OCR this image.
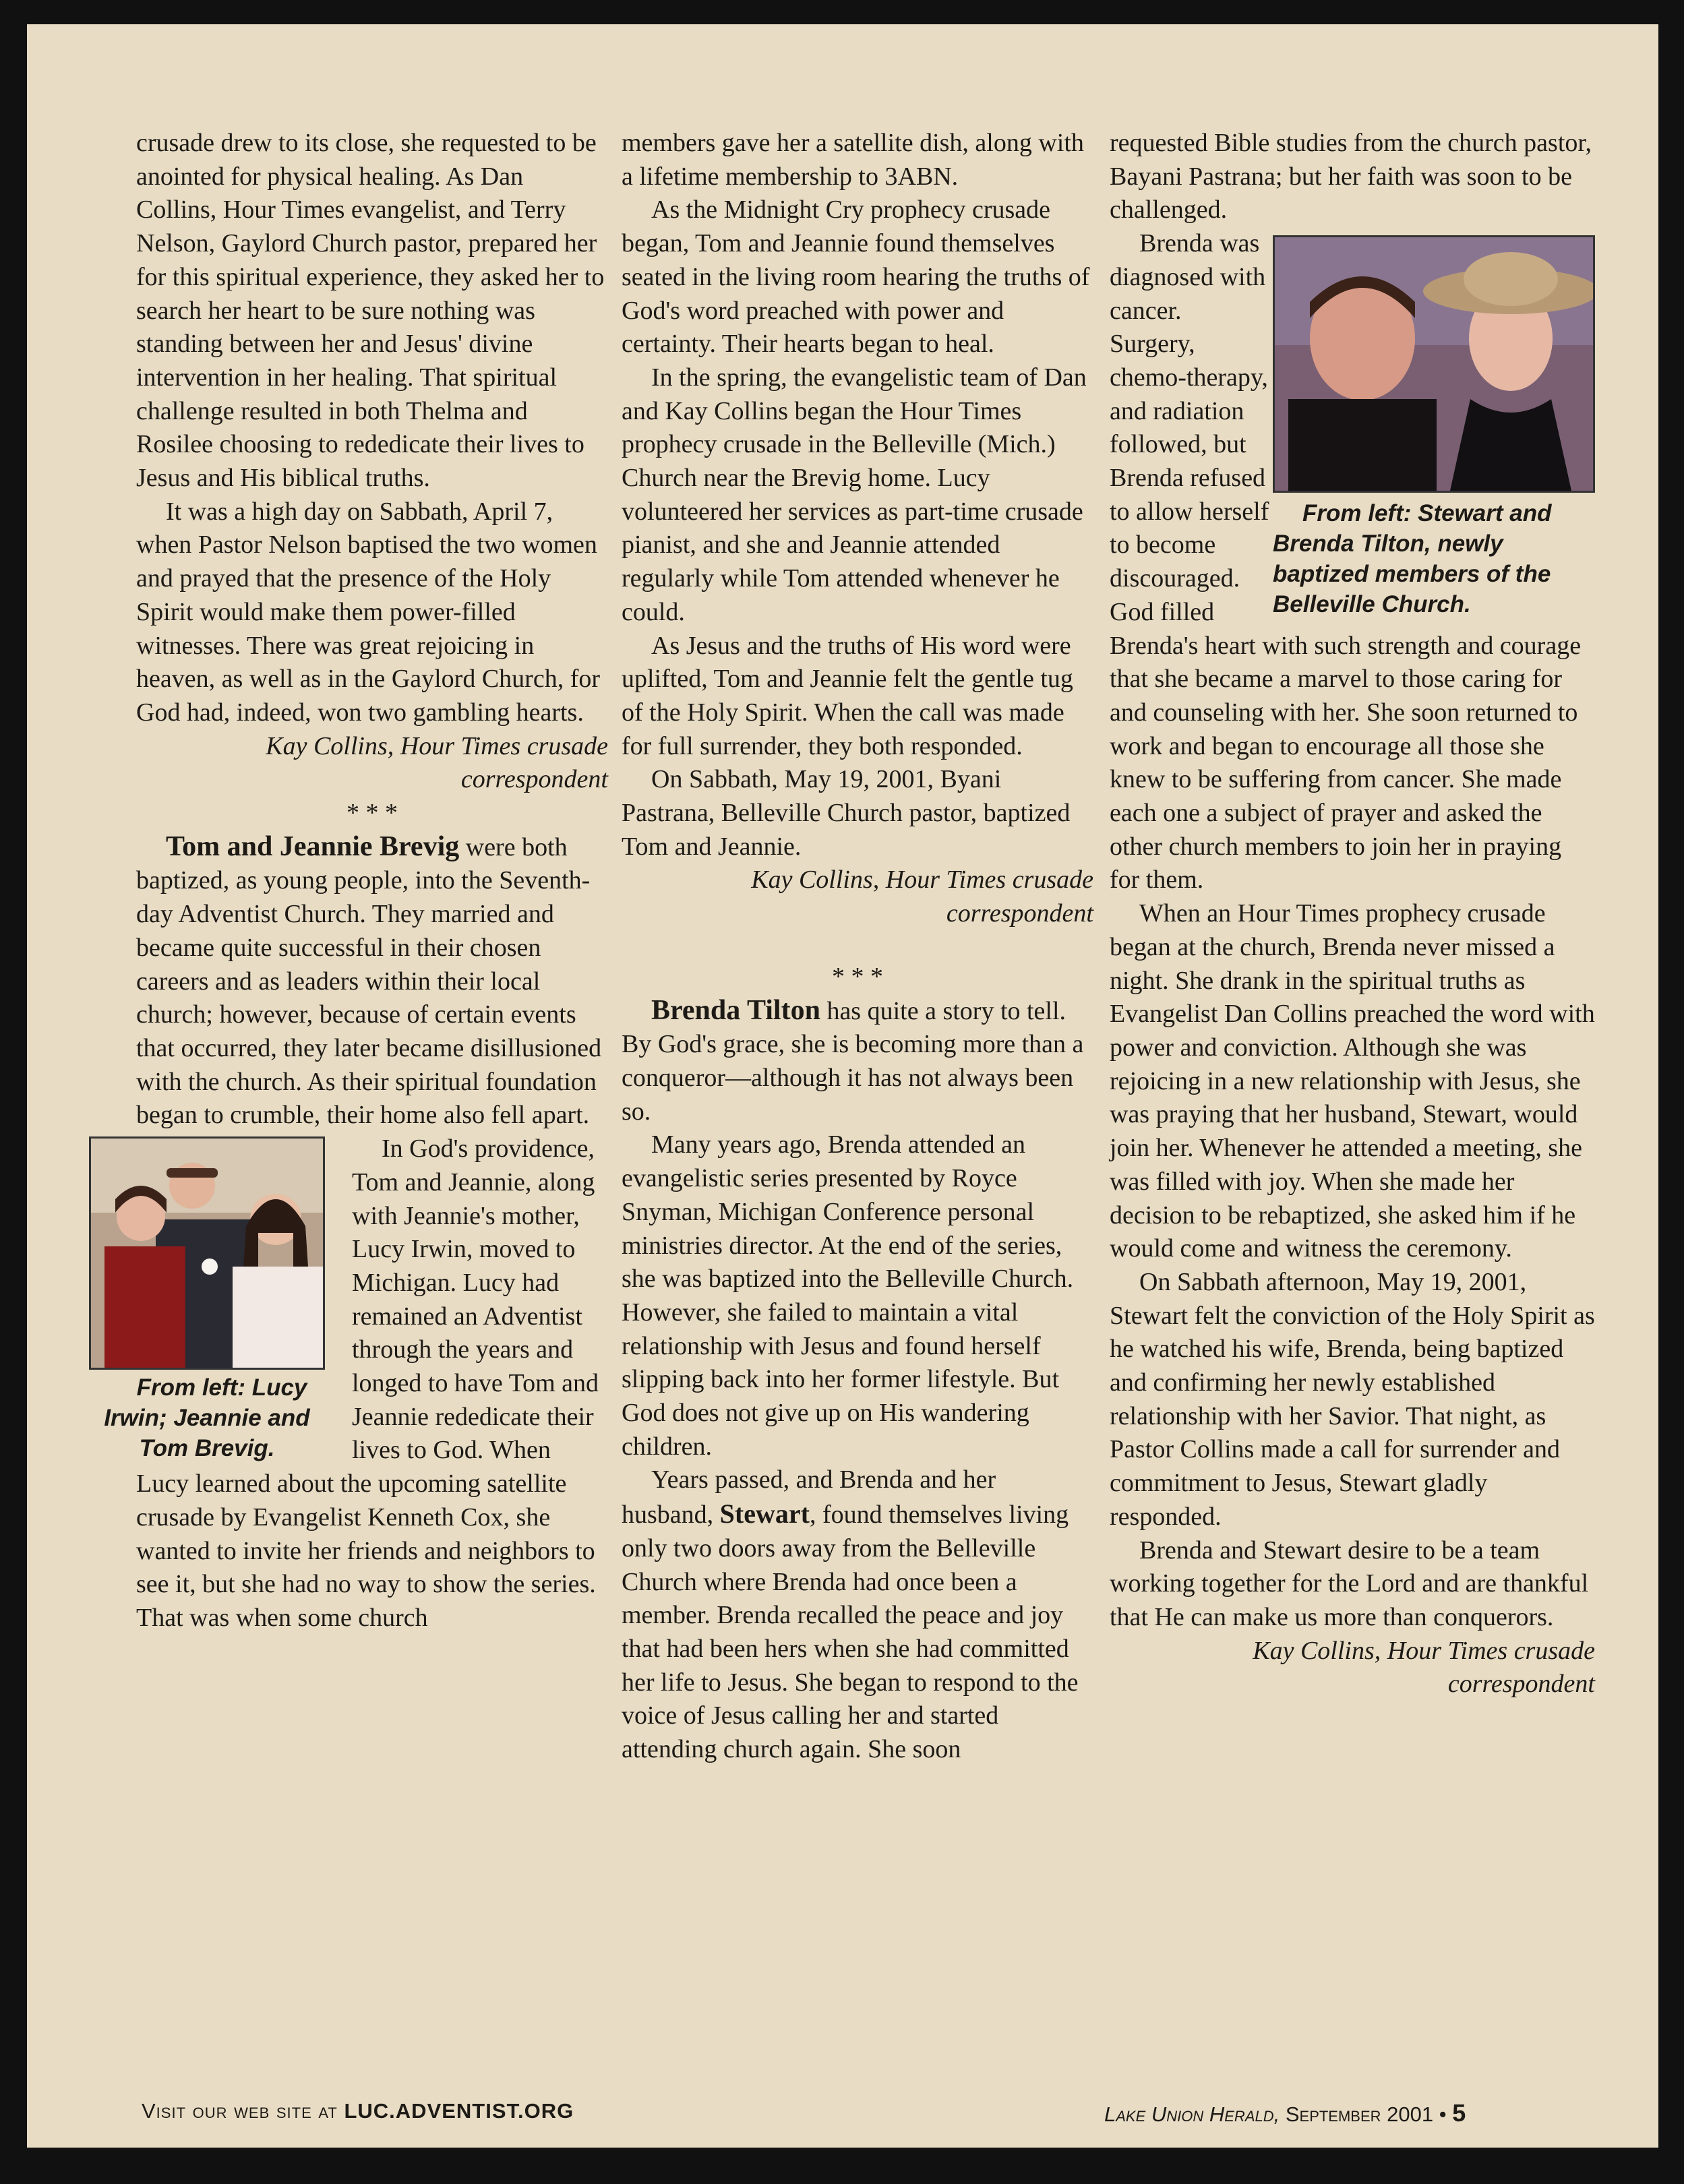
crusade drew to its close, she requested to be anointed for physical healing. As Dan Collins, Hour Times evangelist, and Terry Nelson, Gaylord Church pastor, prepared her for this spiritual experience, they asked her to search her heart to be sure nothing was standing between her and Jesus' divine intervention in her healing. That spiritual challenge resulted in both Thelma and Rosilee choosing to rededicate their lives to Jesus and His biblical truths.

It was a high day on Sabbath, April 7, when Pastor Nelson baptised the two women and prayed that the presence of the Holy Spirit would make them power-filled witnesses. There was great rejoicing in heaven, as well as in the Gaylord Church, for God had, indeed, won two gambling hearts.

Kay Collins, Hour Times crusade correspondent

* * *

Tom and Jeannie Brevig were both baptized, as young people, into the Seventh-day Adventist Church. They married and became quite successful in their chosen careers and as leaders within their local church; however, because of certain events that occurred, they later became disillusioned with the church. As their spiritual foundation began to crumble, their home also fell apart.

From left: Lucy Irwin; Jeannie and Tom Brevig.
In God's providence, Tom and Jeannie, along with Jeannie's mother, Lucy Irwin, moved to Michigan. Lucy had remained an Adventist through the years and longed to have Tom and Jeannie rededicate their lives to God. When Lucy learned about the upcoming satellite crusade by Evangelist Kenneth Cox, she wanted to invite her friends and neighbors to see it, but she had no way to show the series. That was when some church

members gave her a satellite dish, along with a lifetime membership to 3ABN.

As the Midnight Cry prophecy crusade began, Tom and Jeannie found themselves seated in the living room hearing the truths of God's word preached with power and certainty. Their hearts began to heal.

In the spring, the evangelistic team of Dan and Kay Collins began the Hour Times prophecy crusade in the Belleville (Mich.) Church near the Brevig home. Lucy volunteered her services as part-time crusade pianist, and she and Jeannie attended regularly while Tom attended whenever he could.

As Jesus and the truths of His word were uplifted, Tom and Jeannie felt the gentle tug of the Holy Spirit. When the call was made for full surrender, they both responded.

On Sabbath, May 19, 2001, Byani Pastrana, Belleville Church pastor, baptized Tom and Jeannie.

Kay Collins, Hour Times crusade correspondent

* * *

Brenda Tilton has quite a story to tell. By God's grace, she is becoming more than a conqueror—although it has not always been so.

Many years ago, Brenda attended an evangelistic series presented by Royce Snyman, Michigan Conference personal ministries director. At the end of the series, she was baptized into the Belleville Church. However, she failed to maintain a vital relationship with Jesus and found herself slipping back into her former lifestyle. But God does not give up on His wandering children.

Years passed, and Brenda and her husband, Stewart, found themselves living only two doors away from the Belleville Church where Brenda had once been a member. Brenda recalled the peace and joy that had been hers when she had committed her life to Jesus. She began to respond to the voice of Jesus calling her and started attending church again. She soon

requested Bible studies from the church pastor, Bayani Pastrana; but her faith was soon to be challenged.

From left: Stewart and Brenda Tilton, newly baptized members of the Belleville Church.
Brenda was diagnosed with cancer. Surgery, chemo-therapy, and radiation followed, but Brenda refused to allow herself to become discouraged. God filled Brenda's heart with such strength and courage that she became a marvel to those caring for and counseling with her. She soon returned to work and began to encourage all those she knew to be suffering from cancer. She made each one a subject of prayer and asked the other church members to join her in praying for them.

When an Hour Times prophecy crusade began at the church, Brenda never missed a night. She drank in the spiritual truths as Evangelist Dan Collins preached the word with power and conviction. Although she was rejoicing in a new relationship with Jesus, she was praying that her husband, Stewart, would join her. Whenever he attended a meeting, she was filled with joy. When she made her decision to be rebaptized, she asked him if he would come and witness the ceremony.

On Sabbath afternoon, May 19, 2001, Stewart felt the conviction of the Holy Spirit as he watched his wife, Brenda, being baptized and confirming her newly established relationship with her Savior. That night, as Pastor Collins made a call for surrender and commitment to Jesus, Stewart gladly responded.

Brenda and Stewart desire to be a team working together for the Lord and are thankful that He can make us more than conquerors.

Kay Collins, Hour Times crusade correspondent

Visit our web site at LUC.ADVENTIST.ORG	Lake Union Herald, September 2001 • 5
